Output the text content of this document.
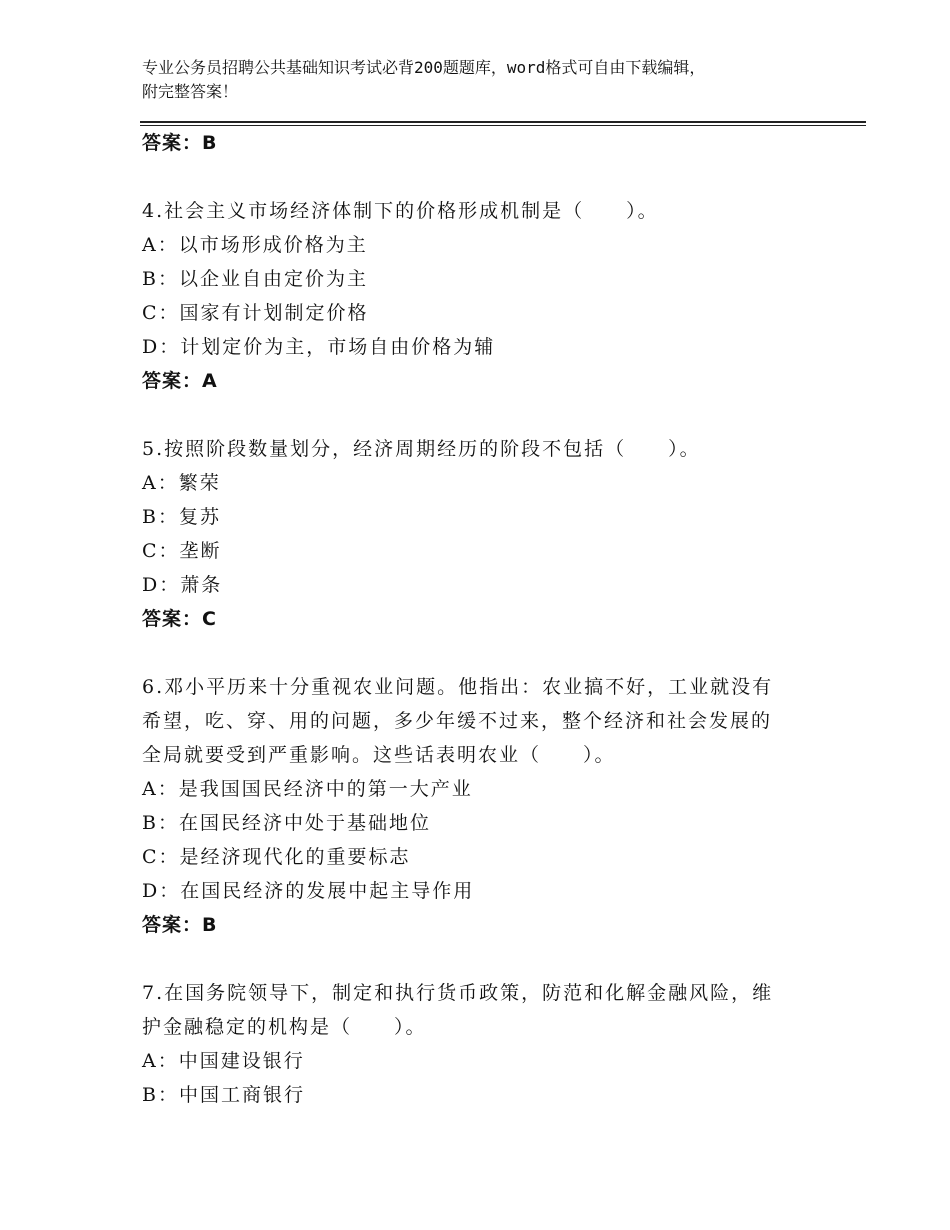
专业公务员招聘公共基础知识考试必背200题题库，word格式可自由下载编辑，
附完整答案！
答案：B
4.社会主义市场经济体制下的价格形成机制是（　　）。
A：以市场形成价格为主
B：以企业自由定价为主
C：国家有计划制定价格
D：计划定价为主，市场自由价格为辅
答案：A
5.按照阶段数量划分，经济周期经历的阶段不包括（　　）。
A：繁荣
B：复苏
C：垄断
D：萧条
答案：C
6.邓小平历来十分重视农业问题。他指出：农业搞不好，工业就没有
希望，吃、穿、用的问题，多少年缓不过来，整个经济和社会发展的
全局就要受到严重影响。这些话表明农业（　　）。
A：是我国国民经济中的第一大产业
B：在国民经济中处于基础地位
C：是经济现代化的重要标志
D：在国民经济的发展中起主导作用
答案：B
7.在国务院领导下，制定和执行货币政策，防范和化解金融风险，维
护金融稳定的机构是（　　）。
A：中国建设银行
B：中国工商银行
